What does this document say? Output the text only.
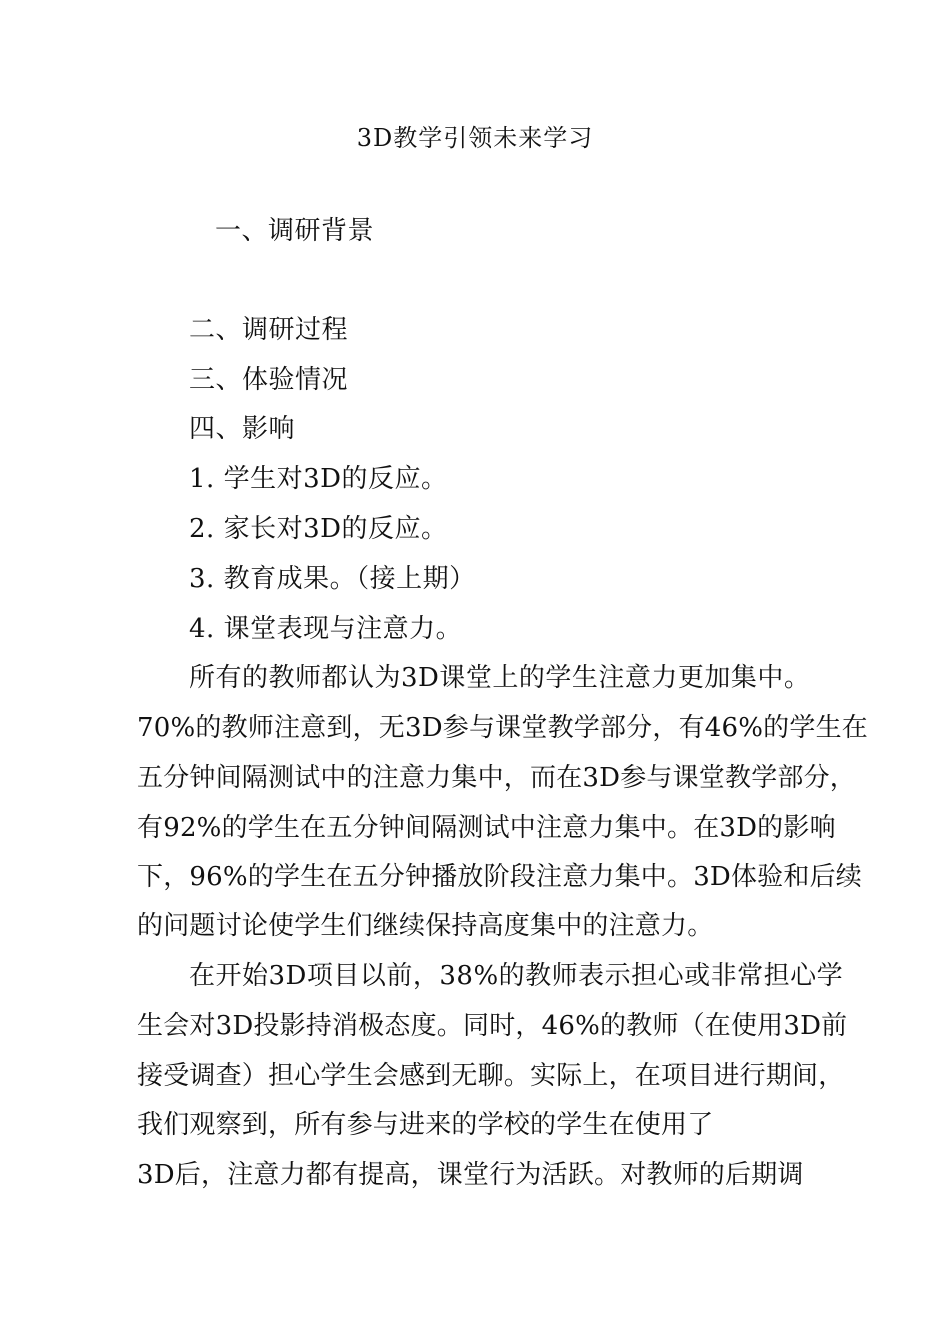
3D教学引领未来学习
一、调研背景
二、调研过程
三、体验情况
四、影响
1. 学生对3D的反应。
2. 家长对3D的反应。
3. 教育成果。（接上期）
4. 课堂表现与注意力。
所有的教师都认为3D课堂上的学生注意力更加集中。
70%的教师注意到，无3D参与课堂教学部分，有46%的学生在
五分钟间隔测试中的注意力集中，而在3D参与课堂教学部分，
有92%的学生在五分钟间隔测试中注意力集中。在3D的影响
下，96%的学生在五分钟播放阶段注意力集中。3D体验和后续
的问题讨论使学生们继续保持高度集中的注意力。
在开始3D项目以前，38%的教师表示担心或非常担心学
生会对3D投影持消极态度。同时，46%的教师（在使用3D前
接受调查）担心学生会感到无聊。实际上，在项目进行期间，
我们观察到，所有参与进来的学校的学生在使用了
3D后，注意力都有提高，课堂行为活跃。对教师的后期调
